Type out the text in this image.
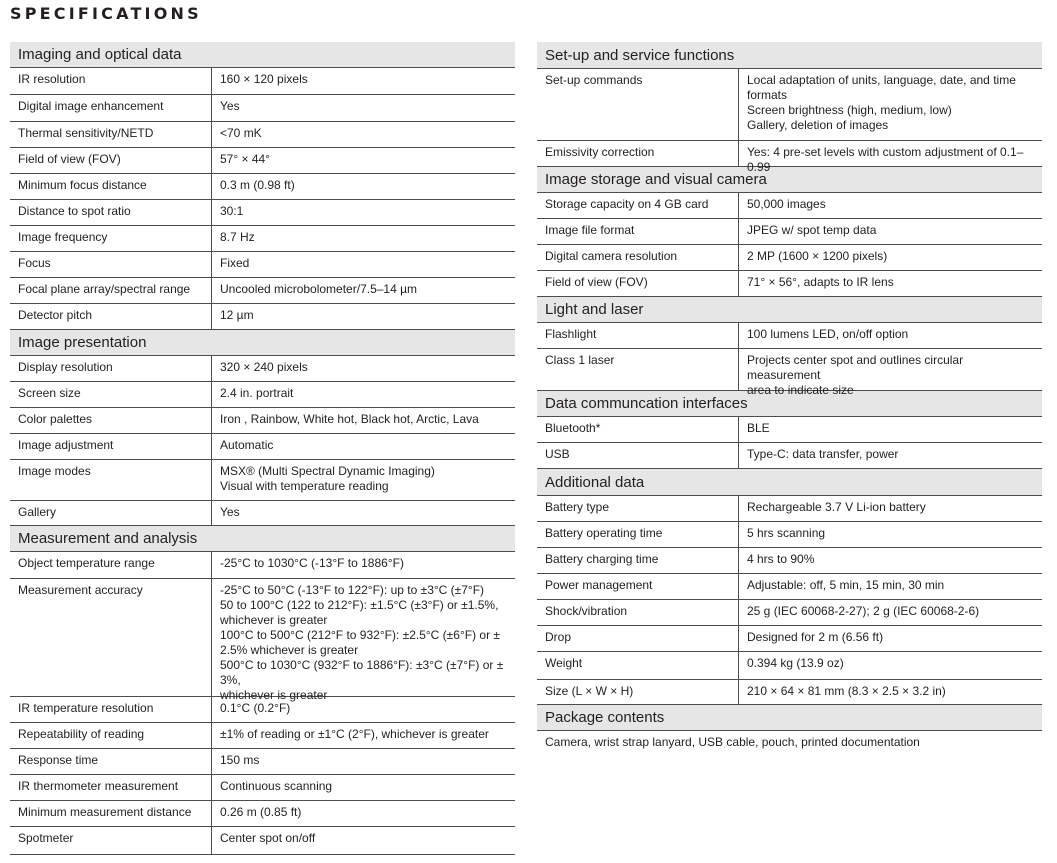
SPECIFICATIONS
Imaging and optical data
IR resolution	160 × 120 pixels
Digital image enhancement	Yes
Thermal sensitivity/NETD	<70 mK
Field of view (FOV)	57° × 44°
Minimum focus distance	0.3 m (0.98 ft)
Distance to spot ratio	30:1
Image frequency	8.7 Hz
Focus	Fixed
Focal plane array/spectral range	Uncooled microbolometer/7.5–14 µm
Detector pitch	12 µm
Image presentation
Display resolution	320 × 240 pixels
Screen size	2.4 in. portrait
Color palettes	Iron , Rainbow, White hot, Black hot, Arctic, Lava
Image adjustment	Automatic
Image modes	MSX® (Multi Spectral Dynamic Imaging)
Visual with temperature reading
Gallery	Yes
Measurement and analysis
Object temperature range	-25°C to 1030°C (-13°F to 1886°F)
Measurement accuracy	-25°C to 50°C (-13°F to 122°F): up to ±3°C (±7°F)
50 to 100°C (122 to 212°F): ±1.5°C (±3°F) or ±1.5%,
whichever is greater
100°C to 500°C (212°F to 932°F): ±2.5°C (±6°F) or ±
2.5% whichever is greater
500°C to 1030°C (932°F to 1886°F): ±3°C (±7°F) or ± 3%,
whichever is greater
IR temperature resolution	0.1°C (0.2°F)
Repeatability of reading	±1% of reading or ±1°C (2°F), whichever is greater
Response time	150 ms
IR thermometer measurement	Continuous scanning
Minimum measurement distance	0.26 m (0.85 ft)
Spotmeter	Center spot on/off
Set-up and service functions
Set-up commands	Local adaptation of units, language, date, and time
formats
Screen brightness (high, medium, low)
Gallery, deletion of images
Emissivity correction	Yes: 4 pre-set levels with custom adjustment of 0.1–0.99
Image storage and visual camera
Storage capacity on 4 GB card	50,000 images
Image file format	JPEG w/ spot temp data
Digital camera resolution	2 MP (1600 × 1200 pixels)
Field of view (FOV)	71° × 56°, adapts to IR lens
Light and laser
Flashlight	100 lumens LED, on/off option
Class 1 laser	Projects center spot and outlines circular measurement
area to indicate size
Data communcation interfaces
Bluetooth*	BLE
USB	Type-C: data transfer, power
Additional data
Battery type	Rechargeable 3.7 V Li-ion battery
Battery operating time	5 hrs scanning
Battery charging time	4 hrs to 90%
Power management	Adjustable: off, 5 min, 15 min, 30 min
Shock/vibration	25 g (IEC 60068-2-27); 2 g (IEC 60068-2-6)
Drop	Designed for 2 m (6.56 ft)
Weight	0.394 kg (13.9 oz)
Size (L × W × H)	210 × 64 × 81 mm (8.3 × 2.5 × 3.2 in)
Package contents
Camera, wrist strap lanyard, USB cable, pouch, printed documentation
